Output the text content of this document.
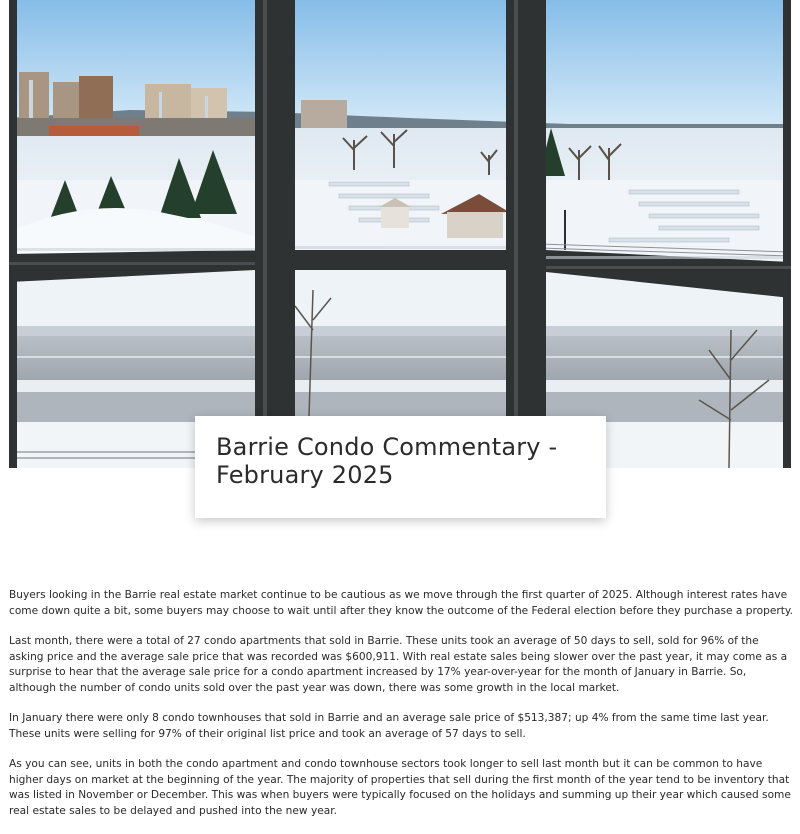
Barrie Condo Commentary -
February 2025

Buyers looking in the Barrie real estate market continue to be cautious as we move through the first quarter of 2025. Although interest rates have come down quite a bit, some buyers may choose to wait until after they know the outcome of the Federal election before they purchase a property.

Last month, there were a total of 27 condo apartments that sold in Barrie. These units took an average of 50 days to sell, sold for 96% of the asking price and the average sale price that was recorded was $600,911. With real estate sales being slower over the past year, it may come as a surprise to hear that the average sale price for a condo apartment increased by 17% year-over-year for the month of January in Barrie. So, although the number of condo units sold over the past year was down, there was some growth in the local market.

In January there were only 8 condo townhouses that sold in Barrie and an average sale price of $513,387; up 4% from the same time last year. These units were selling for 97% of their original list price and took an average of 57 days to sell.

As you can see, units in both the condo apartment and condo townhouse sectors took longer to sell last month but it can be common to have higher days on market at the beginning of the year. The majority of properties that sell during the first month of the year tend to be inventory that was listed in November or December. This was when buyers were typically focused on the holidays and summing up their year which caused some real estate sales to be delayed and pushed into the new year.
